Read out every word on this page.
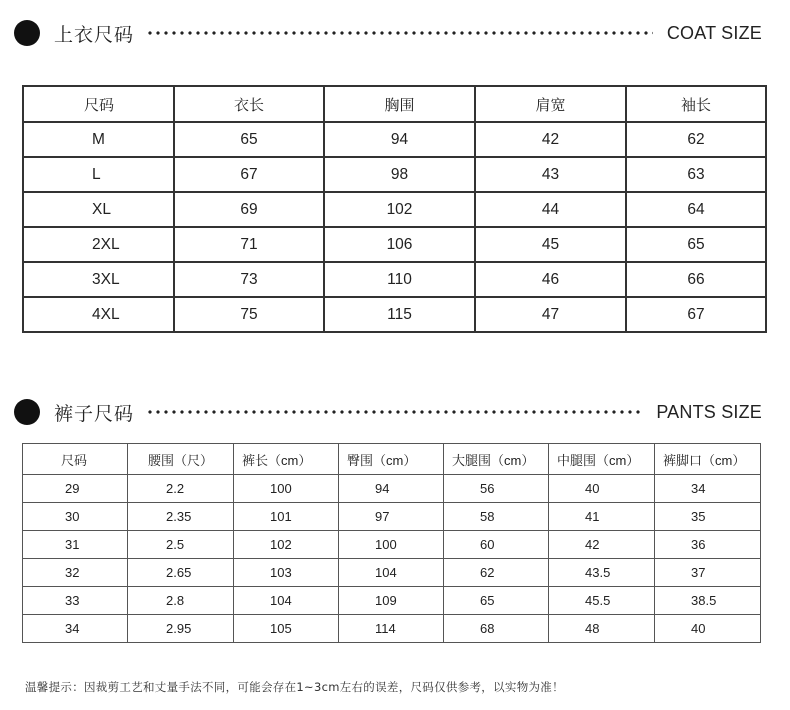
上衣尺码	COAT SIZE
尺码	衣长	胸围	肩宽	袖长
M	65	94	42	62
L	67	98	43	63
XL	69	102	44	64
2XL	71	106	45	65
3XL	73	110	46	66
4XL	75	115	47	67
裤子尺码	PANTS SIZE
尺码	腰围（尺）	裤长（cm）	臀围（cm）	大腿围（cm）	中腿围（cm）	裤脚口（cm）
29	2.2	100	94	56	40	34
30	2.35	101	97	58	41	35
31	2.5	102	100	60	42	36
32	2.65	103	104	62	43.5	37
33	2.8	104	109	65	45.5	38.5
34	2.95	105	114	68	48	40
温馨提示：因裁剪工艺和丈量手法不同，可能会存在1~3cm左右的误差，尺码仅供参考，以实物为准！
